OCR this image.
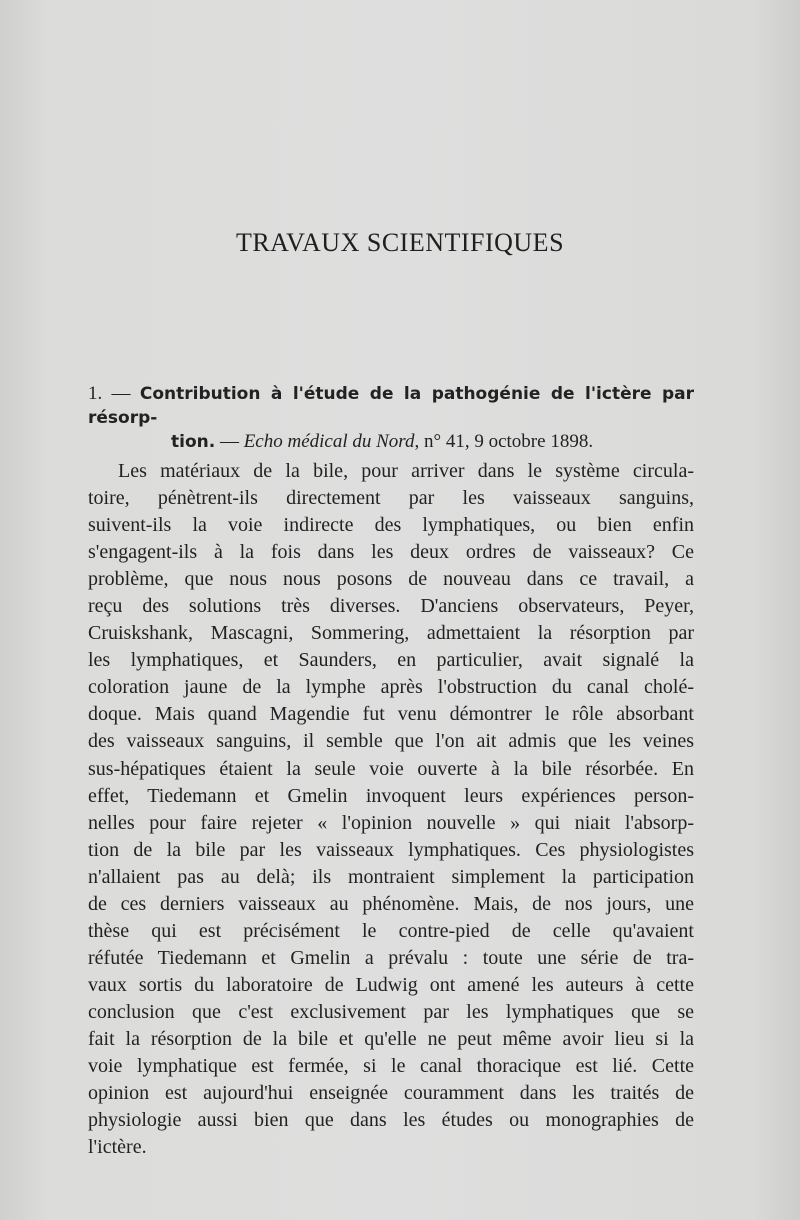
TRAVAUX SCIENTIFIQUES
1. — Contribution à l'étude de la pathogénie de l'ictère par résorp-
tion. — Echo médical du Nord, n° 41, 9 octobre 1898.
Les matériaux de la bile, pour arriver dans le système circula-
toire, pénètrent-ils directement par les vaisseaux sanguins,
suivent-ils la voie indirecte des lymphatiques, ou bien enfin
s'engagent-ils à la fois dans les deux ordres de vaisseaux? Ce
problème, que nous nous posons de nouveau dans ce travail, a
reçu des solutions très diverses. D'anciens observateurs, Peyer,
Cruiskshank, Mascagni, Sommering, admettaient la résorption par
les lymphatiques, et Saunders, en particulier, avait signalé la
coloration jaune de la lymphe après l'obstruction du canal cholé-
doque. Mais quand Magendie fut venu démontrer le rôle absorbant
des vaisseaux sanguins, il semble que l'on ait admis que les veines
sus-hépatiques étaient la seule voie ouverte à la bile résorbée. En
effet, Tiedemann et Gmelin invoquent leurs expériences person-
nelles pour faire rejeter « l'opinion nouvelle » qui niait l'absorp-
tion de la bile par les vaisseaux lymphatiques. Ces physiologistes
n'allaient pas au delà; ils montraient simplement la participation
de ces derniers vaisseaux au phénomène. Mais, de nos jours, une
thèse qui est précisément le contre-pied de celle qu'avaient
réfutée Tiedemann et Gmelin a prévalu : toute une série de tra-
vaux sortis du laboratoire de Ludwig ont amené les auteurs à cette
conclusion que c'est exclusivement par les lymphatiques que se
fait la résorption de la bile et qu'elle ne peut même avoir lieu si la
voie lymphatique est fermée, si le canal thoracique est lié. Cette
opinion est aujourd'hui enseignée couramment dans les traités de
physiologie aussi bien que dans les études ou monographies de
l'ictère.
